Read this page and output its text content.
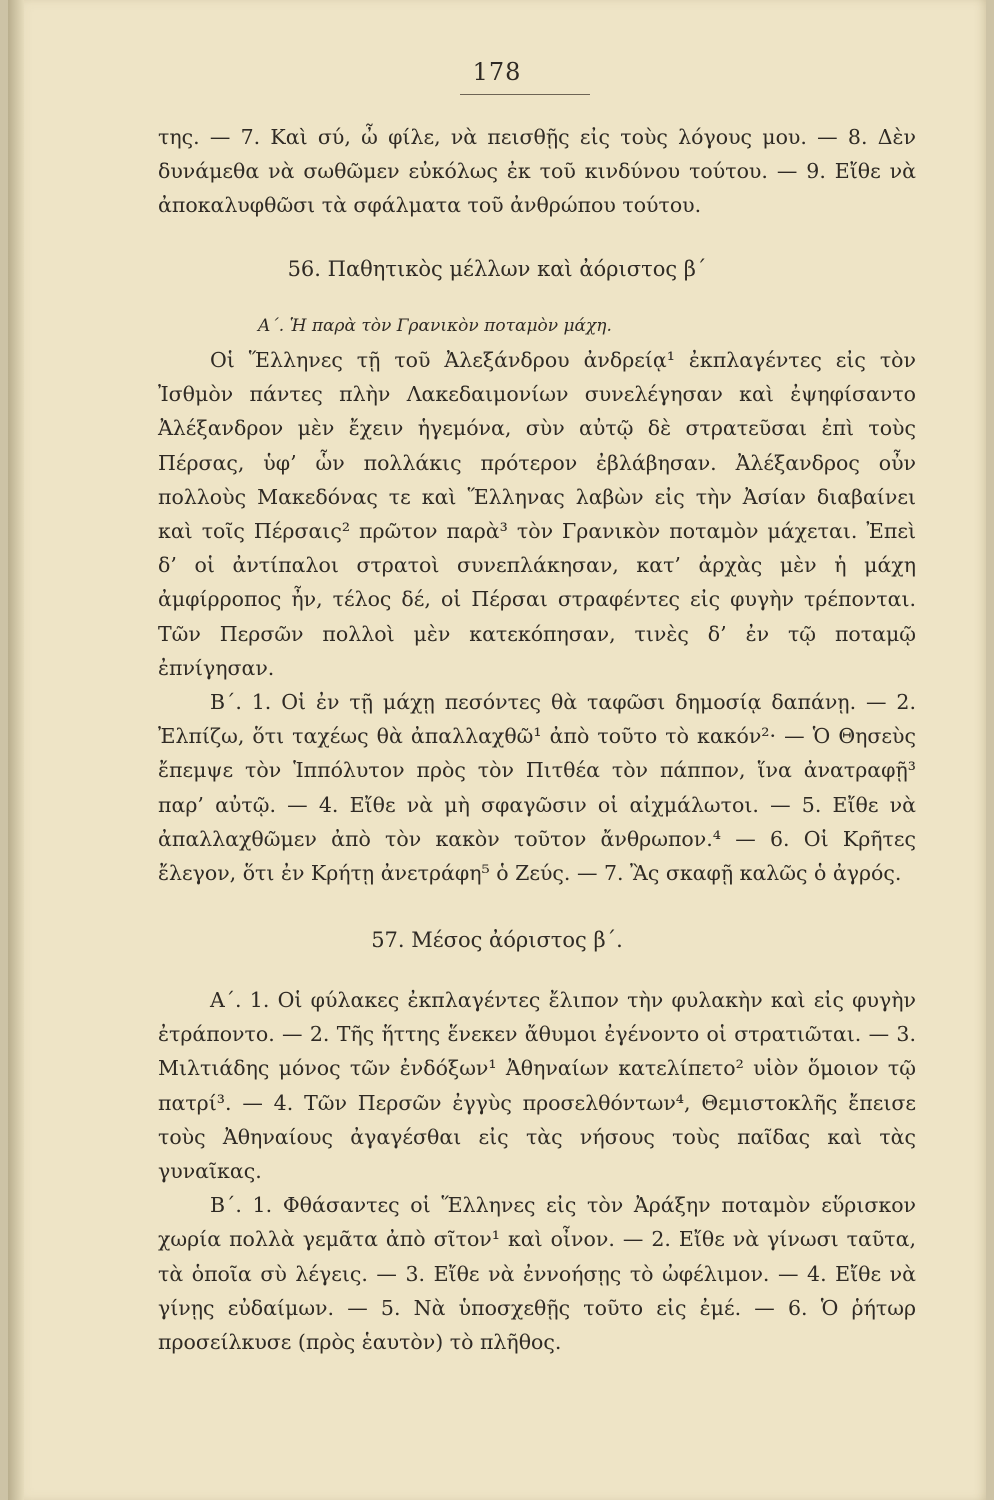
178

της. — 7. Καὶ σύ, ὦ φίλε, νὰ πεισθῇς εἰς τοὺς λόγους μου. — 8. Δὲν δυνάμεθα νὰ σωθῶμεν εὐκόλως ἐκ τοῦ κινδύνου τούτου. — 9. Εἴθε νὰ ἀποκαλυφθῶσι τὰ σφάλματα τοῦ ἀνθρώπου τούτου.

56. Παθητικὸς μέλλων καὶ ἀόριστος β΄
Α΄. Ἡ παρὰ τὸν Γρανικὸν ποταμὸν μάχη.

Οἱ Ἕλληνες τῇ τοῦ Ἀλεξάνδρου ἀνδρείᾳ¹ ἐκπλαγέντες εἰς τὸν Ἰσθμὸν πάντες πλὴν Λακεδαιμονίων συνελέγησαν καὶ ἐψηφίσαντο Ἀλέξανδρον μὲν ἔχειν ἡγεμόνα, σὺν αὐτῷ δὲ στρατεῦσαι ἐπὶ τοὺς Πέρσας, ὑφ’ ὧν πολλάκις πρότερον ἐβλάβησαν. Ἀλέξανδρος οὖν πολλοὺς Μακεδόνας τε καὶ Ἕλληνας λαβὼν εἰς τὴν Ἀσίαν διαβαίνει καὶ τοῖς Πέρσαις² πρῶτον παρὰ³ τὸν Γρανικὸν ποταμὸν μάχεται. Ἐπεὶ δ’ οἱ ἀντίπαλοι στρατοὶ συνεπλάκησαν, κατ’ ἀρχὰς μὲν ἡ μάχη ἀμφίρροπος ἦν, τέλος δέ, οἱ Πέρσαι στραφέντες εἰς φυγὴν τρέπονται. Τῶν Περσῶν πολλοὶ μὲν κατεκόπησαν, τινὲς δ’ ἐν τῷ ποταμῷ ἐπνίγησαν.

Β΄. 1. Οἱ ἐν τῇ μάχῃ πεσόντες θὰ ταφῶσι δημοσίᾳ δαπάνῃ. — 2. Ἐλπίζω, ὅτι ταχέως θὰ ἀπαλλαχθῶ¹ ἀπὸ τοῦτο τὸ κακόν²· — Ὁ Θησεὺς ἔπεμψε τὸν Ἱππόλυτον πρὸς τὸν Πιτθέα τὸν πάππον, ἵνα ἀνατραφῇ³ παρ’ αὐτῷ. — 4. Εἴθε νὰ μὴ σφαγῶσιν οἱ αἰχμάλωτοι. — 5. Εἴθε νὰ ἀπαλλαχθῶμεν ἀπὸ τὸν κακὸν τοῦτον ἄνθρωπον.⁴ — 6. Οἱ Κρῆτες ἔλεγον, ὅτι ἐν Κρήτῃ ἀνετράφη⁵ ὁ Ζεύς. — 7. Ἂς σκαφῇ καλῶς ὁ ἀγρός.

57. Μέσος ἀόριστος β΄.

Α΄. 1. Οἱ φύλακες ἐκπλαγέντες ἔλιπον τὴν φυλακὴν καὶ εἰς φυγὴν ἐτράποντο. — 2. Τῆς ἥττης ἕνεκεν ἄθυμοι ἐγένοντο οἱ στρατιῶται. — 3. Μιλτιάδης μόνος τῶν ἐνδόξων¹ Ἀθηναίων κατελίπετο² υἱὸν ὅμοιον τῷ πατρί³. — 4. Τῶν Περσῶν ἐγγὺς προσελθόντων⁴, Θεμιστοκλῆς ἔπεισε τοὺς Ἀθηναίους ἀγαγέσθαι εἰς τὰς νήσους τοὺς παῖδας καὶ τὰς γυναῖκας.

Β΄. 1. Φθάσαντες οἱ Ἕλληνες εἰς τὸν Ἀράξην ποταμὸν εὕρισκον χωρία πολλὰ γεμᾶτα ἀπὸ σῖτον¹ καὶ οἶνον. — 2. Εἴθε νὰ γίνωσι ταῦτα, τὰ ὁποῖα σὺ λέγεις. — 3. Εἴθε νὰ ἐννοήσῃς τὸ ὠφέλιμον. — 4. Εἴθε νὰ γίνῃς εὐδαίμων. — 5. Νὰ ὑποσχεθῇς τοῦτο εἰς ἐμέ. — 6. Ὁ ῥήτωρ προσείλκυσε (πρὸς ἑαυτὸν) τὸ πλῆθος.
